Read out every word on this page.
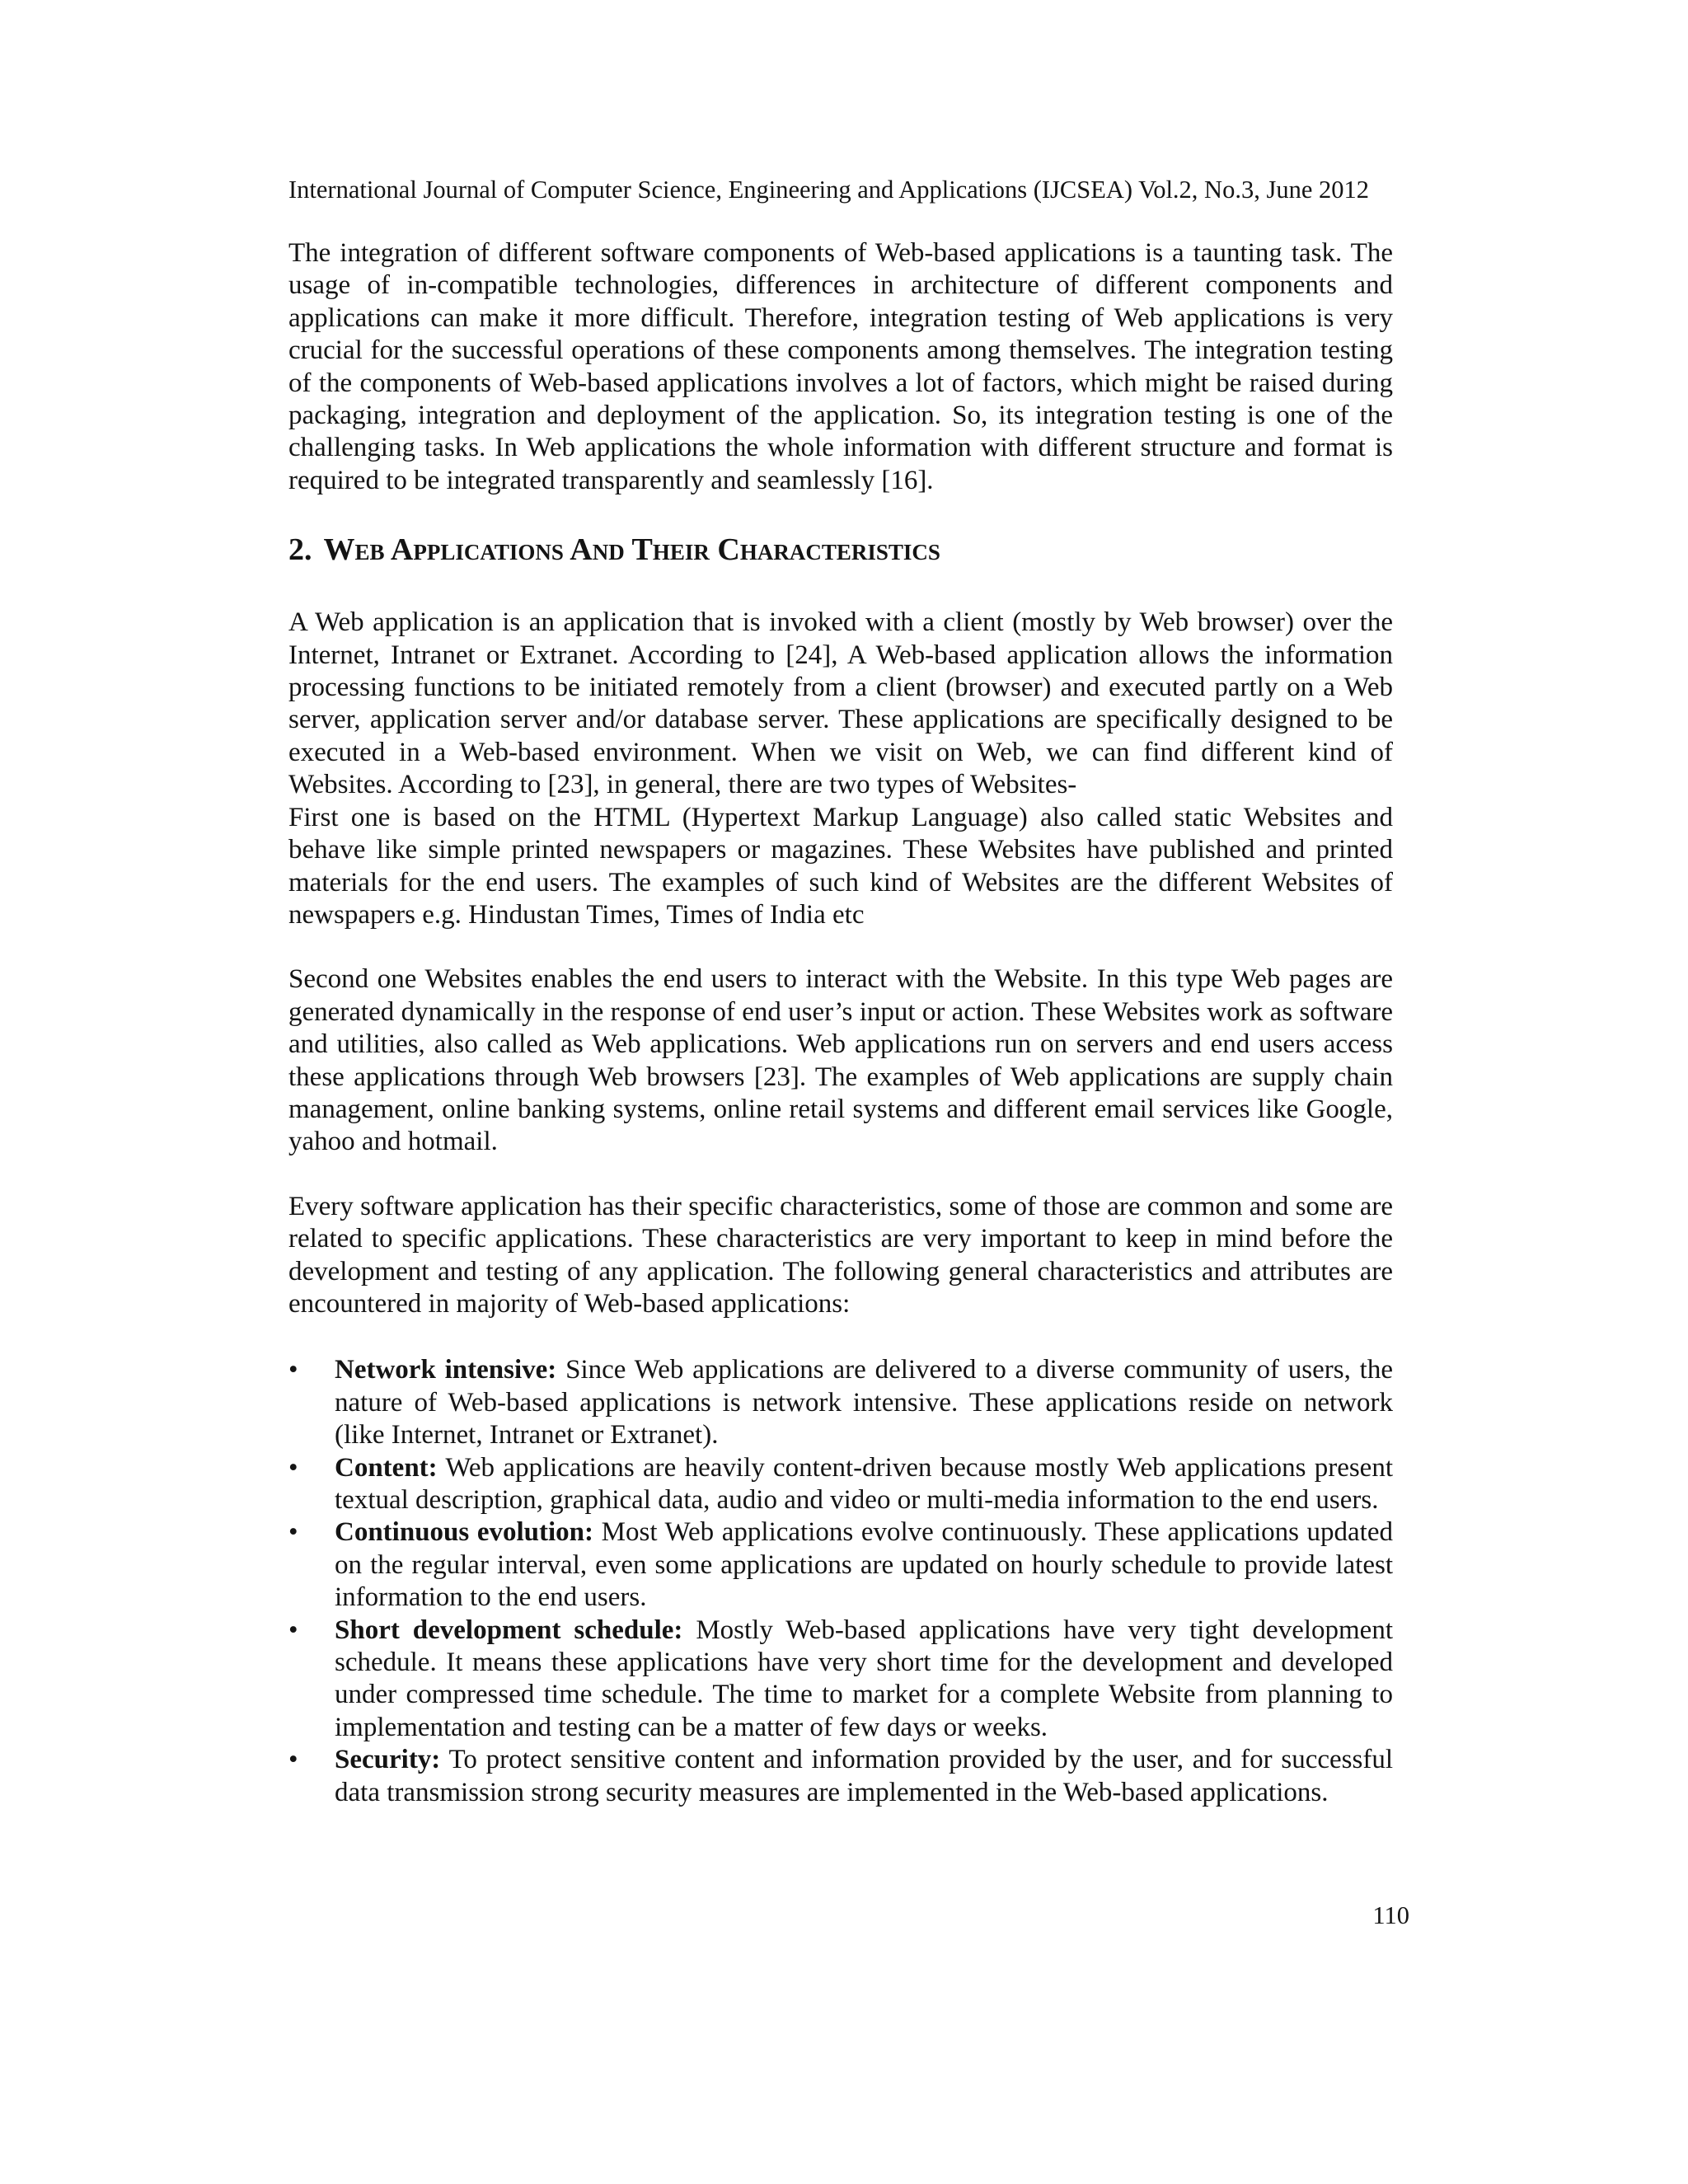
International Journal of Computer Science, Engineering and Applications (IJCSEA) Vol.2, No.3, June 2012

The integration of different software components of Web-based applications is a taunting task. The usage of in-compatible technologies, differences in architecture of different components and applications can make it more difficult. Therefore, integration testing of Web applications is very crucial for the successful operations of these components among themselves. The integration testing of the components of Web-based applications involves a lot of factors, which might be raised during packaging, integration and deployment of the application. So, its integration testing is one of the challenging tasks. In Web applications the whole information with different structure and format is required to be integrated transparently and seamlessly [16].

2. Web Applications And Their Characteristics

A Web application is an application that is invoked with a client (mostly by Web browser) over the Internet, Intranet or Extranet. According to [24], A Web-based application allows the information processing functions to be initiated remotely from a client (browser) and executed partly on a Web server, application server and/or database server. These applications are specifically designed to be executed in a Web-based environment. When we visit on Web, we can find different kind of Websites. According to [23], in general, there are two types of Websites-

First one is based on the HTML (Hypertext Markup Language) also called static Websites and behave like simple printed newspapers or magazines. These Websites have published and printed materials for the end users. The examples of such kind of Websites are the different Websites of newspapers e.g. Hindustan Times, Times of India etc

Second one Websites enables the end users to interact with the Website. In this type Web pages are generated dynamically in the response of end user’s input or action. These Websites work as software and utilities, also called as Web applications. Web applications run on servers and end users access these applications through Web browsers [23]. The examples of Web applications are supply chain management, online banking systems, online retail systems and different email services like Google, yahoo and hotmail.

Every software application has their specific characteristics, some of those are common and some are related to specific applications. These characteristics are very important to keep in mind before the development and testing of any application. The following general characteristics and attributes are encountered in majority of Web-based applications:

• Network intensive: Since Web applications are delivered to a diverse community of users, the nature of Web-based applications is network intensive. These applications reside on network (like Internet, Intranet or Extranet).
• Content: Web applications are heavily content-driven because mostly Web applications present textual description, graphical data, audio and video or multi-media information to the end users.
• Continuous evolution: Most Web applications evolve continuously. These applications updated on the regular interval, even some applications are updated on hourly schedule to provide latest information to the end users.
• Short development schedule: Mostly Web-based applications have very tight development schedule. It means these applications have very short time for the development and developed under compressed time schedule. The time to market for a complete Website from planning to implementation and testing can be a matter of few days or weeks.
• Security: To protect sensitive content and information provided by the user, and for successful data transmission strong security measures are implemented in the Web-based applications.

110
